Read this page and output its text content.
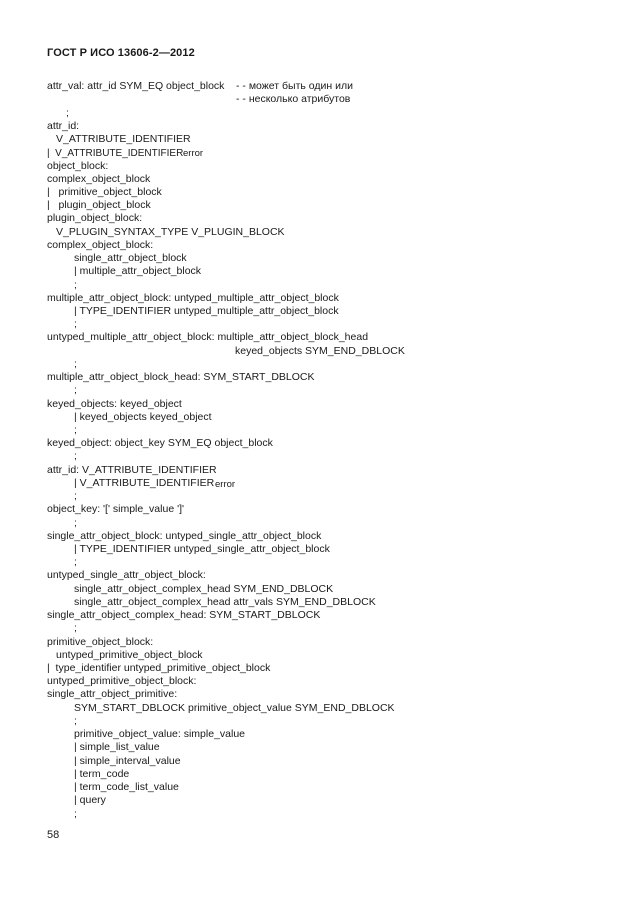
ГОСТ Р ИСО 13606-2—2012
attr_val: attr_id SYM_EQ object_block - - может быть один или
- - несколько атрибутов
;
attr_id:
V_ATTRIBUTE_IDENTIFIER
|  V_ATTRIBUTE_IDENTIFIER error
object_block:
complex_object_block
|   primitive_object_block
|   plugin_object_block
plugin_object_block:
V_PLUGIN_SYNTAX_TYPE V_PLUGIN_BLOCK
complex_object_block:
single_attr_object_block
| multiple_attr_object_block
;
multiple_attr_object_block: untyped_multiple_attr_object_block
| TYPE_IDENTIFIER untyped_multiple_attr_object_block
;
untyped_multiple_attr_object_block: multiple_attr_object_block_head
keyed_objects SYM_END_DBLOCK
;
multiple_attr_object_block_head: SYM_START_DBLOCK
;
keyed_objects: keyed_object
| keyed_objects keyed_object
;
keyed_object: object_key SYM_EQ object_block
;
attr_id: V_ATTRIBUTE_IDENTIFIER
| V_ATTRIBUTE_IDENTIFIER error
;
object_key: '[' simple_value ']'
;
single_attr_object_block: untyped_single_attr_object_block
| TYPE_IDENTIFIER untyped_single_attr_object_block
;
untyped_single_attr_object_block:
single_attr_object_complex_head SYM_END_DBLOCK
single_attr_object_complex_head attr_vals SYM_END_DBLOCK
single_attr_object_complex_head: SYM_START_DBLOCK
;
primitive_object_block:
untyped_primitive_object_block
|  type_identifier untyped_primitive_object_block
untyped_primitive_object_block:
single_attr_object_primitive:
SYM_START_DBLOCK primitive_object_value SYM_END_DBLOCK
;
primitive_object_value: simple_value
| simple_list_value
| simple_interval_value
| term_code
| term_code_list_value
| query
;
58
